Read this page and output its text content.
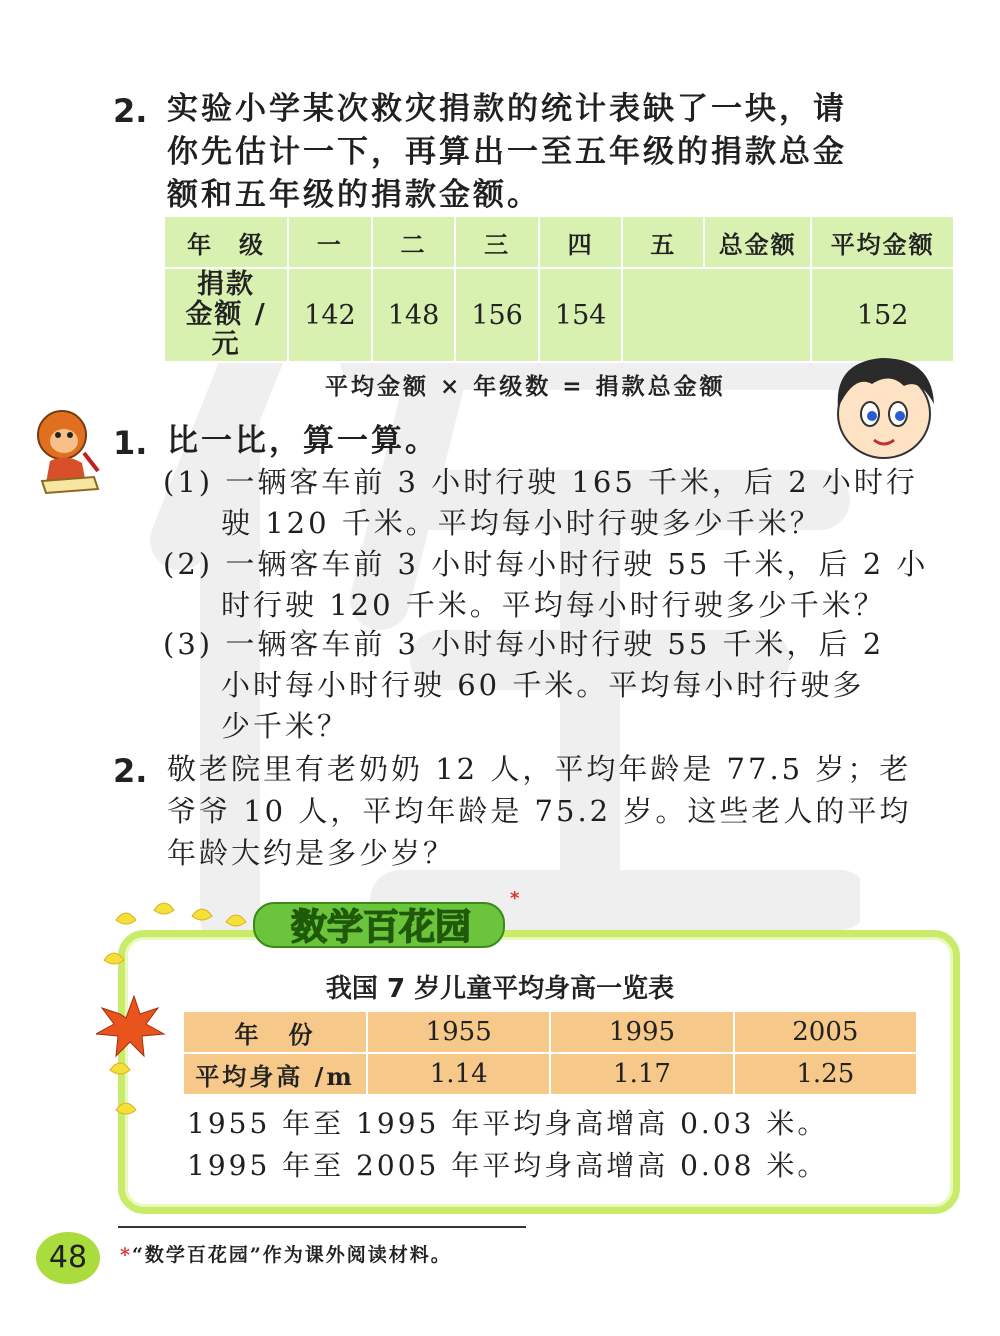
2. 实验小学某次救灾捐款的统计表缺了一块，请
你先估计一下，再算出一至五年级的捐款总金
额和五年级的捐款金额。
年　级	一	二	三	四	五	总金额	平均金额

捐款
金额 / 元	142	148	156	154			152
平均金额 × 年级数 = 捐款总金额
1. 比一比，算一算。
(1) 一辆客车前 3 小时行驶 165 千米，后 2 小时行
驶 120 千米。平均每小时行驶多少千米？
(2) 一辆客车前 3 小时每小时行驶 55 千米，后 2 小
时行驶 120 千米。平均每小时行驶多少千米？
(3) 一辆客车前 3 小时每小时行驶 55 千米，后 2
小时每小时行驶 60 千米。平均每小时行驶多
少千米？
2. 敬老院里有老奶奶 12 人，平均年龄是 77.5 岁；老
爷爷 10 人，平均年龄是 75.2 岁。这些老人的平均
年龄大约是多少岁？
数学百花园
*
我国 7 岁儿童平均身高一览表
年　份	1955	1995	2005
平均身高 /m	1.14	1.17	1.25
1955 年至 1995 年平均身高增高 0.03 米。
1995 年至 2005 年平均身高增高 0.08 米。
*“数学百花园”作为课外阅读材料。
48
